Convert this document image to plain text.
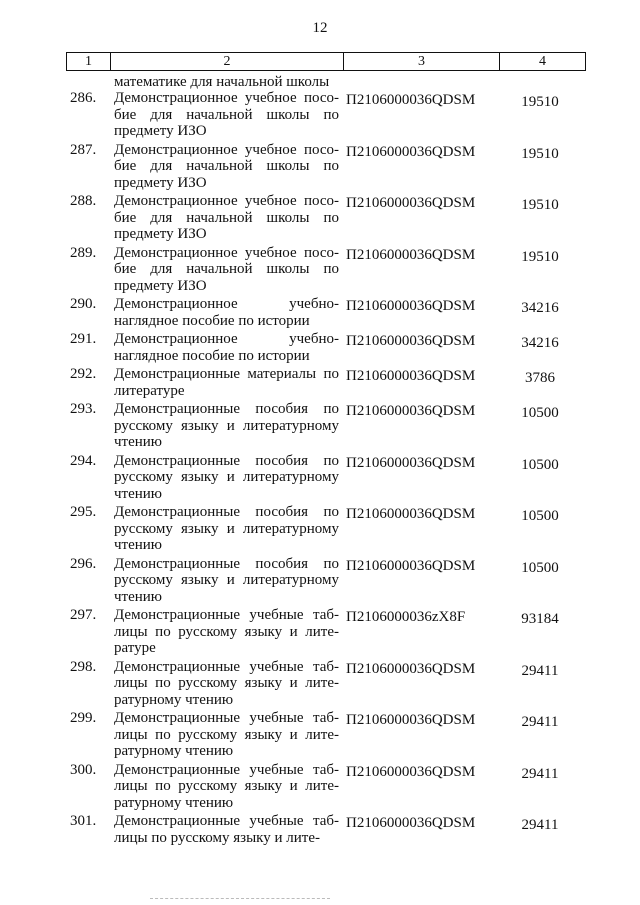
12
1	2	3	4
математике для начальной школы
286. Демонстрационное учебное посо-
бие для начальной школы по
предмету ИЗО
П2106000036QDSM	19510
287. Демонстрационное учебное посо-
бие для начальной школы по
предмету ИЗО
П2106000036QDSM	19510
288. Демонстрационное учебное посо-
бие для начальной школы по
предмету ИЗО
П2106000036QDSM	19510
289. Демонстрационное учебное посо-
бие для начальной школы по
предмету ИЗО
П2106000036QDSM	19510
290. Демонстрационное учебно-
наглядное пособие по истории
П2106000036QDSM	34216
291. Демонстрационное учебно-
наглядное пособие по истории
П2106000036QDSM	34216
292. Демонстрационные материалы по
литературе
П2106000036QDSM	3786
293. Демонстрационные пособия по
русскому языку и литературному
чтению
П2106000036QDSM	10500
294. Демонстрационные пособия по
русскому языку и литературному
чтению
П2106000036QDSM	10500
295. Демонстрационные пособия по
русскому языку и литературному
чтению
П2106000036QDSM	10500
296. Демонстрационные пособия по
русскому языку и литературному
чтению
П2106000036QDSM	10500
297. Демонстрационные учебные таб-
лицы по русскому языку и лите-
ратуре
П2106000036zX8F	93184
298. Демонстрационные учебные таб-
лицы по русскому языку и лите-
ратурному чтению
П2106000036QDSM	29411
299. Демонстрационные учебные таб-
лицы по русскому языку и лите-
ратурному чтению
П2106000036QDSM	29411
300. Демонстрационные учебные таб-
лицы по русскому языку и лите-
ратурному чтению
П2106000036QDSM	29411
301. Демонстрационные учебные таб-
лицы по русскому языку и лите-
П2106000036QDSM	29411
